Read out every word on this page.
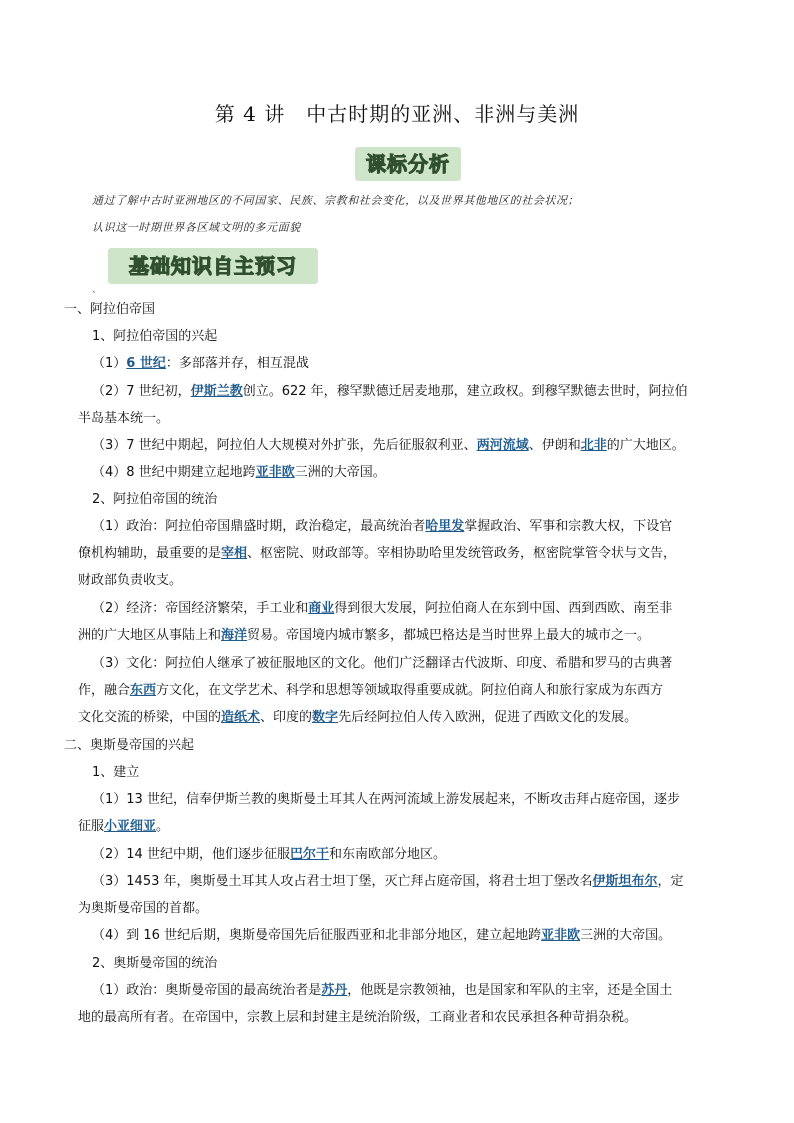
第 4 讲　中古时期的亚洲、非洲与美洲
课标分析
通过了解中古时亚洲地区的不同国家、民族、宗教和社会变化，以及世界其他地区的社会状况；
认识这一时期世界各区域文明的多元面貌
基础知识自主预习
、
一、阿拉伯帝国
1、阿拉伯帝国的兴起
（1）6 世纪：多部落并存，相互混战
（2）7 世纪初，伊斯兰教创立。622 年，穆罕默德迁居麦地那，建立政权。到穆罕默德去世时，阿拉伯
半岛基本统一。
（3）7 世纪中期起，阿拉伯人大规模对外扩张，先后征服叙利亚、两河流域、伊朗和北非的广大地区。
（4）8 世纪中期建立起地跨亚非欧三洲的大帝国。
2、阿拉伯帝国的统治
（1）政治：阿拉伯帝国鼎盛时期，政治稳定，最高统治者哈里发掌握政治、军事和宗教大权，下设官
僚机构辅助，最重要的是宰相、枢密院、财政部等。宰相协助哈里发统管政务，枢密院掌管令状与文告，
财政部负责收支。
（2）经济：帝国经济繁荣，手工业和商业得到很大发展，阿拉伯商人在东到中国、西到西欧、南至非
洲的广大地区从事陆上和海洋贸易。帝国境内城市繁多，都城巴格达是当时世界上最大的城市之一。
（3）文化：阿拉伯人继承了被征服地区的文化。他们广泛翻译古代波斯、印度、希腊和罗马的古典著
作，融合东西方文化，在文学艺术、科学和思想等领域取得重要成就。阿拉伯商人和旅行家成为东西方
文化交流的桥梁，中国的造纸术、印度的数字先后经阿拉伯人传入欧洲，促进了西欧文化的发展。
二、奥斯曼帝国的兴起
1、建立
（1）13 世纪，信奉伊斯兰教的奥斯曼土耳其人在两河流域上游发展起来，不断攻击拜占庭帝国，逐步
征服小亚细亚。
（2）14 世纪中期，他们逐步征服巴尔干和东南欧部分地区。
（3）1453 年，奥斯曼土耳其人攻占君士坦丁堡，灭亡拜占庭帝国，将君士坦丁堡改名伊斯坦布尔，定
为奥斯曼帝国的首都。
（4）到 16 世纪后期，奥斯曼帝国先后征服西亚和北非部分地区，建立起地跨亚非欧三洲的大帝国。
2、奥斯曼帝国的统治
（1）政治：奥斯曼帝国的最高统治者是苏丹，他既是宗教领袖，也是国家和军队的主宰，还是全国土
地的最高所有者。在帝国中，宗教上层和封建主是统治阶级，工商业者和农民承担各种苛捐杂税。
